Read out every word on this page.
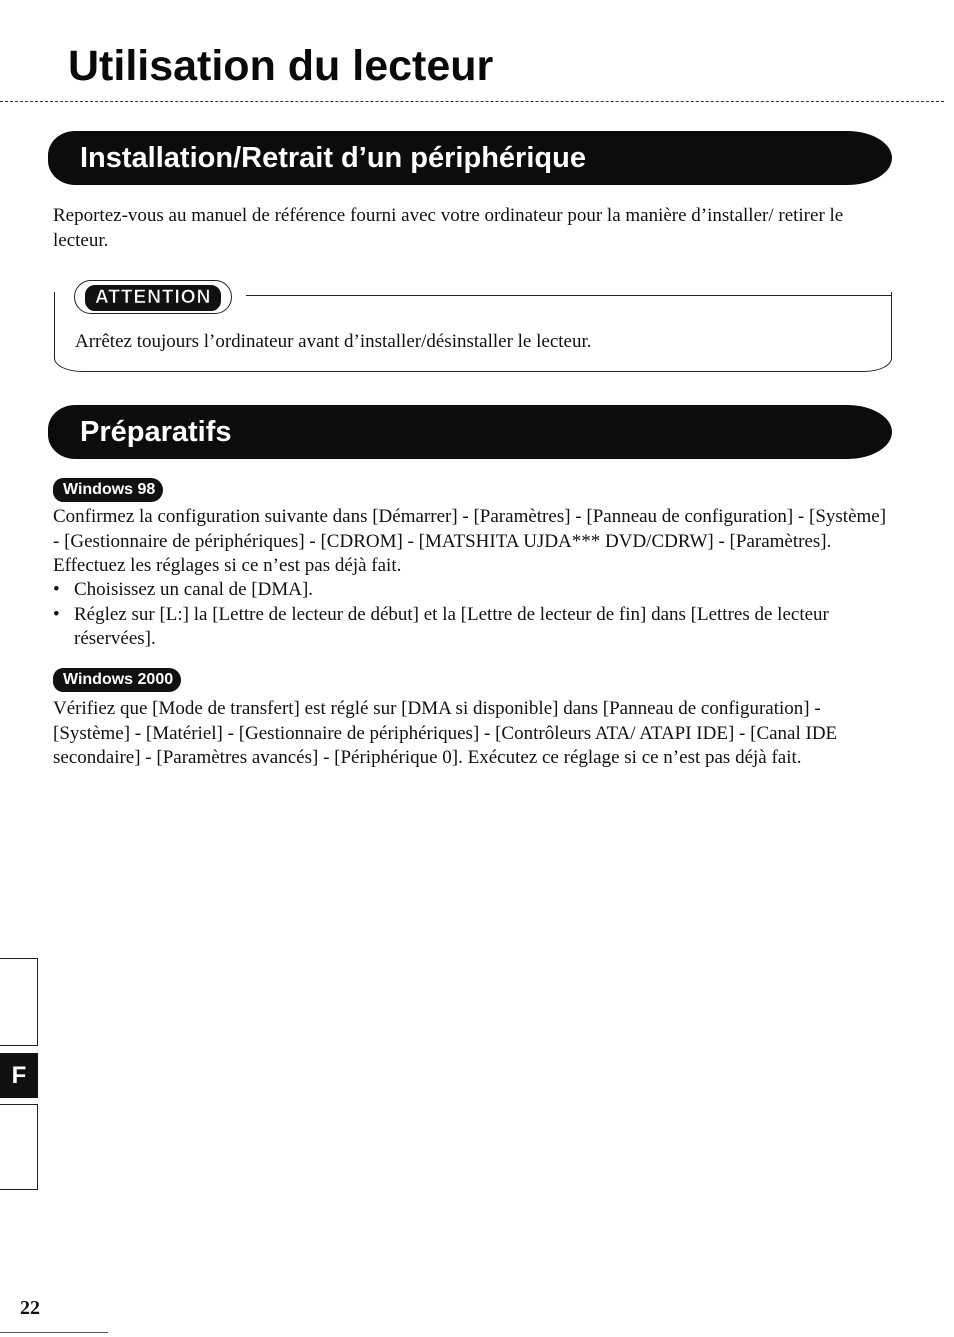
Utilisation du lecteur
Installation/Retrait d’un périphérique

Reportez-vous au manuel de référence fourni avec votre ordinateur pour la manière d’installer/ retirer le lecteur.

ATTENTION

Arrêtez toujours l’ordinateur avant d’installer/désinstaller le lecteur.

Préparatifs
Windows 98

Confirmez la configuration suivante dans [Démarrer] - [Paramètres] - [Panneau de configuration] - [Système] - [Gestionnaire de périphériques] - [CDROM] - [MATSHITA UJDA*** DVD/CDRW] - [Paramètres]. Effectuez les réglages si ce n’est pas déjà fait.

• Choisissez un canal de [DMA].
• Réglez sur [L:] la [Lettre de lecteur de début] et la [Lettre de lecteur de fin] dans [Lettres de lecteur réservées].
Windows 2000

Vérifiez que [Mode de transfert] est réglé sur [DMA si disponible] dans [Panneau de configuration] - [Système] - [Matériel] - [Gestionnaire de périphériques] - [Contrôleurs ATA/ ATAPI IDE] - [Canal IDE secondaire] - [Paramètres avancés] - [Périphérique 0]. Exécutez ce réglage si ce n’est pas déjà fait.

F
22
